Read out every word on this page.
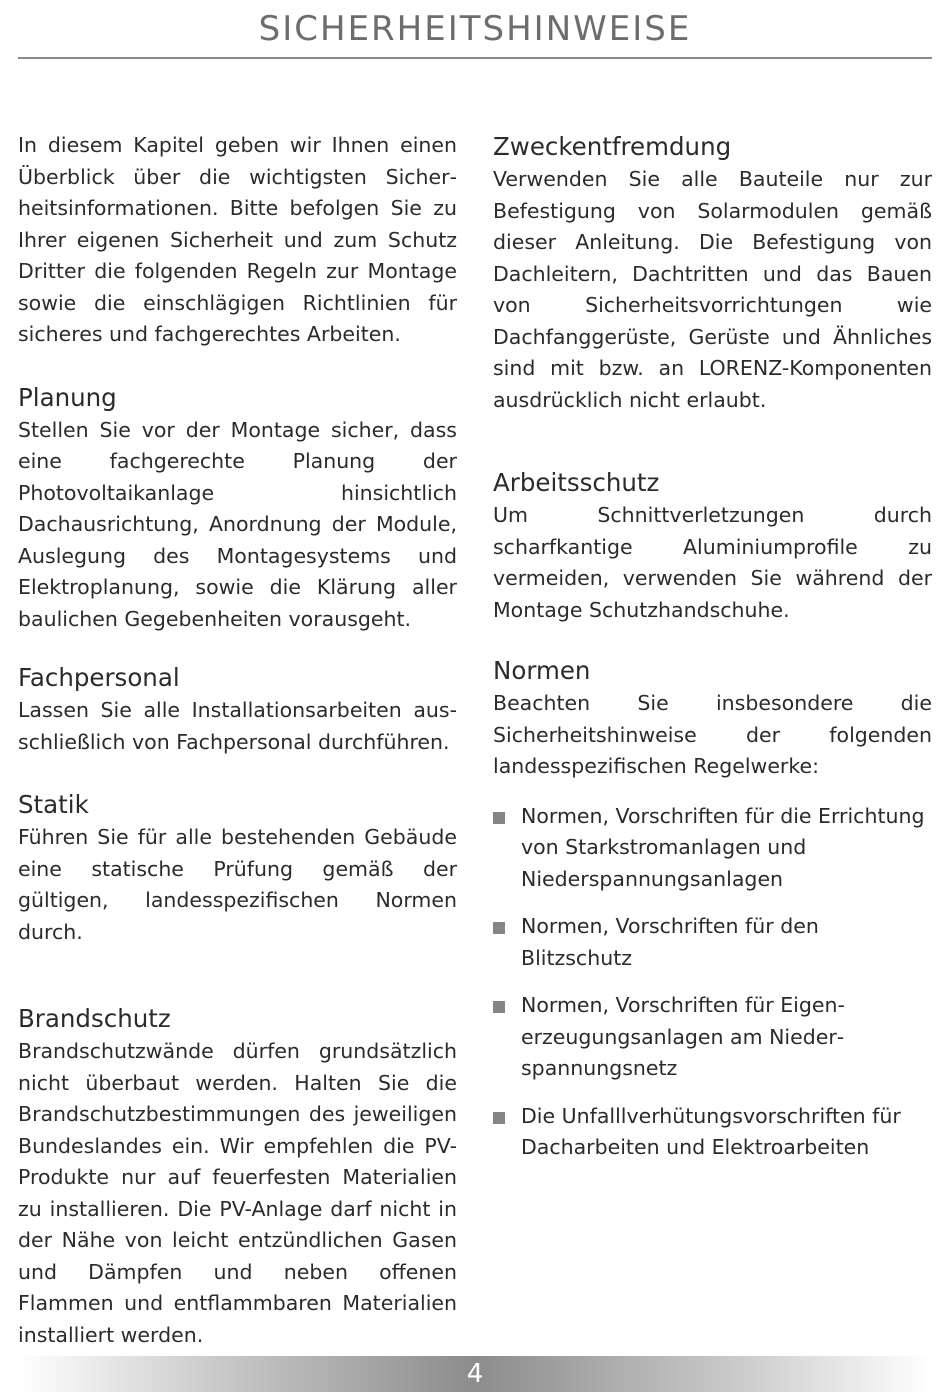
SICHERHEITSHINWEISE

In diesem Kapitel geben wir Ihnen einen Überblick über die wichtigsten Sicherheitsinformationen. Bitte befolgen Sie zu Ihrer eigenen Sicherheit und zum Schutz Dritter die folgenden Regeln zur Montage sowie die einschlägigen Richtlinien für sicheres und fachgerechtes Arbeiten.

Planung

Stellen Sie vor der Montage sicher, dass eine fachgerechte Planung der Photovoltaikanlage hinsichtlich Dachausrichtung, Anordnung der Module, Auslegung des Montagesystems und Elektroplanung, sowie die Klärung aller baulichen Gegebenheiten vorausgeht.

Fachpersonal

Lassen Sie alle Installationsarbeiten ausschließlich von Fachpersonal durchführen.

Statik

Führen Sie für alle bestehenden Gebäude eine statische Prüfung gemäß der gültigen, landesspezifischen Normen durch.

Brandschutz

Brandschutzwände dürfen grundsätzlich nicht überbaut werden. Halten Sie die Brandschutzbestimmungen des jeweiligen Bundeslandes ein. Wir empfehlen die PV-Produkte nur auf feuerfesten Materialien zu installieren. Die PV-Anlage darf nicht in der Nähe von leicht entzündlichen Gasen und Dämpfen und neben offenen Flammen und entflammbaren Materialien installiert werden.

Zweckentfremdung

Verwenden Sie alle Bauteile nur zur Befestigung von Solarmodulen gemäß dieser Anleitung. Die Befestigung von Dachleitern, Dachtritten und das Bauen von Sicherheitsvorrichtungen wie Dachfanggerüste, Gerüste und Ähnliches sind mit bzw. an LORENZ-Komponenten ausdrücklich nicht erlaubt.

Arbeitsschutz

Um Schnittverletzungen durch scharfkantige Aluminiumprofile zu vermeiden, verwenden Sie während der Montage Schutzhandschuhe.

Normen

Beachten Sie insbesondere die Sicherheitshinweise der folgenden landesspezifischen Regelwerke:

Normen, Vorschriften für die Errichtung von Starkstromanlagen und Niederspannungsanlagen
Normen, Vorschriften für den Blitzschutz
Normen, Vorschriften für Eigenerzeugungsanlagen am Niederspannungsnetz
Die Unfalllverhütungsvorschriften für Dacharbeiten und Elektroarbeiten
4
